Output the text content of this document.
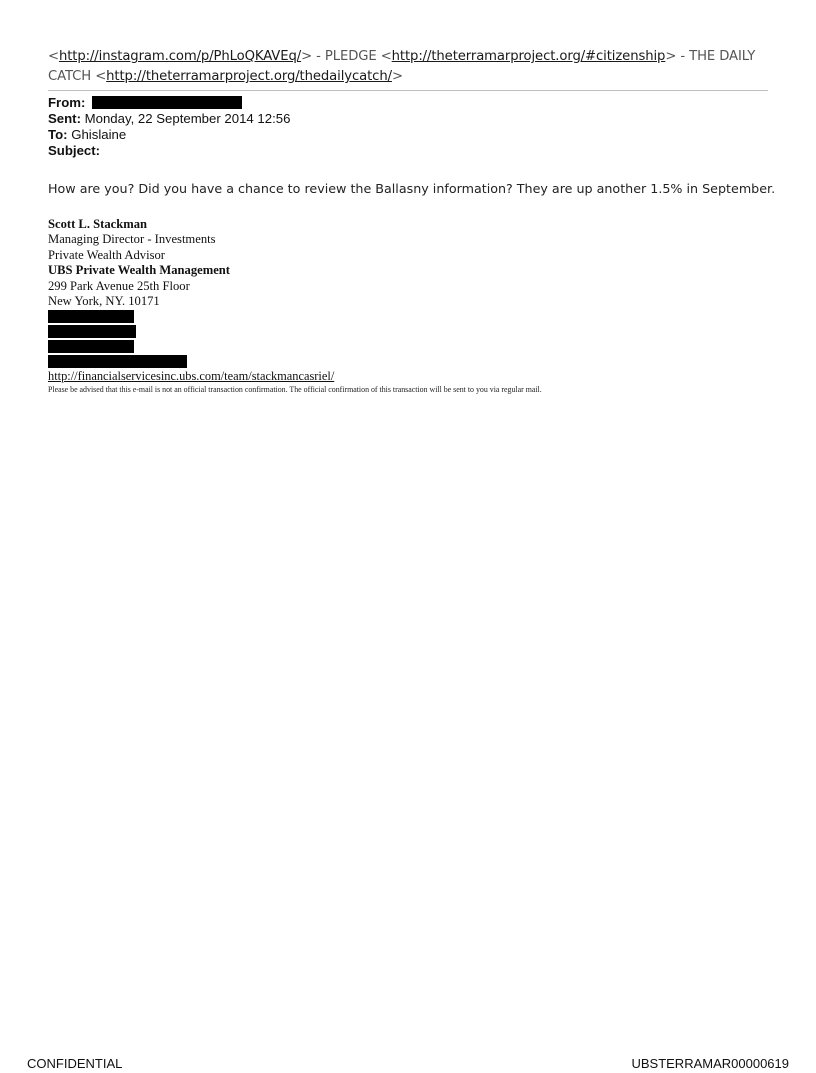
<http://instagram.com/p/PhLoQKAVEq/> - PLEDGE <http://theterramarproject.org/#citizenship> - THE DAILY CATCH <http://theterramarproject.org/thedailycatch/>
From:
Sent: Monday, 22 September 2014 12:56
To: Ghislaine
Subject:
How are you? Did you have a chance to review the Ballasny information? They are up another 1.5% in September.
Scott L. Stackman
Managing Director - Investments
Private Wealth Advisor
UBS Private Wealth Management
299 Park Avenue 25th Floor
New York, NY. 10171
http://financialservicesinc.ubs.com/team/stackmancasriel/
Please be advised that this e-mail is not an official transaction confirmation. The official confirmation of this transaction will be sent to you via regular mail.
CONFIDENTIAL	UBSTERRAMAR00000619
